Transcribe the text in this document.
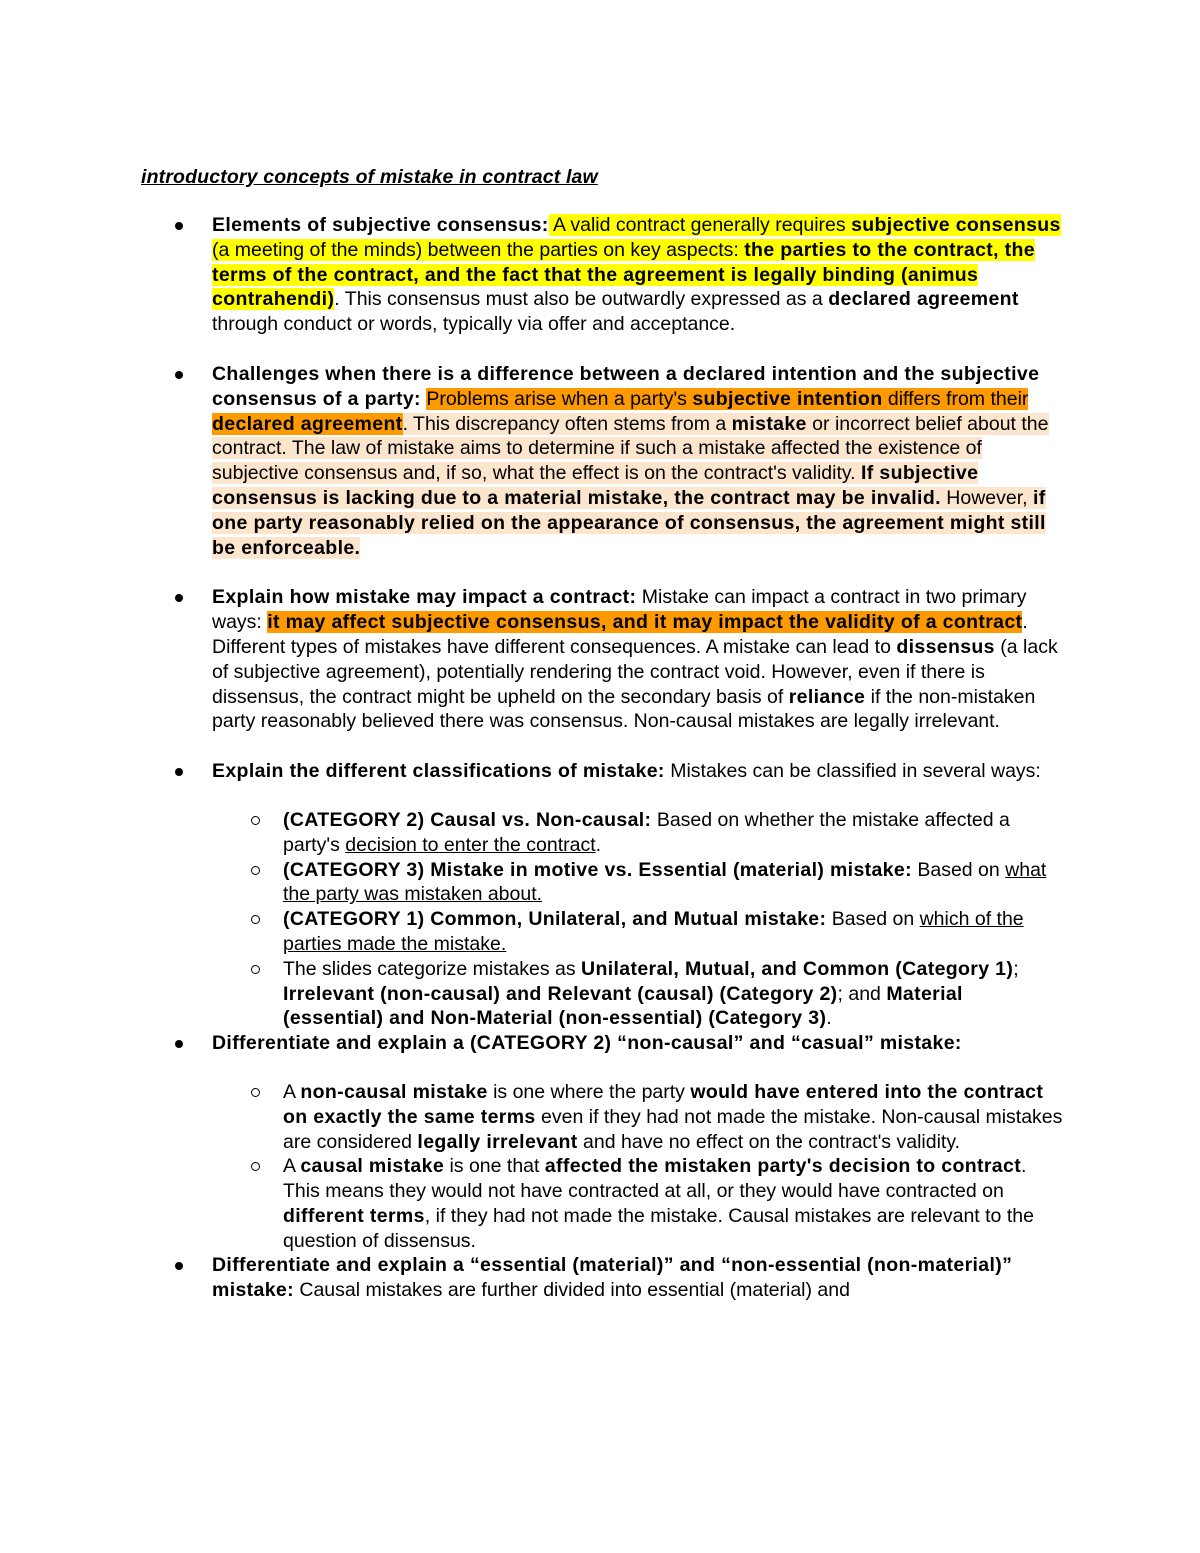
introductory concepts of mistake in contract law
Elements of subjective consensus: A valid contract generally requires subjective consensus (a meeting of the minds) between the parties on key aspects: the parties to the contract, the terms of the contract, and the fact that the agreement is legally binding (animus contrahendi). This consensus must also be outwardly expressed as a declared agreement through conduct or words, typically via offer and acceptance.
Challenges when there is a difference between a declared intention and the subjective consensus of a party: Problems arise when a party's subjective intention differs from their declared agreement. This discrepancy often stems from a mistake or incorrect belief about the contract. The law of mistake aims to determine if such a mistake affected the existence of subjective consensus and, if so, what the effect is on the contract's validity. If subjective consensus is lacking due to a material mistake, the contract may be invalid. However, if one party reasonably relied on the appearance of consensus, the agreement might still be enforceable.
Explain how mistake may impact a contract: Mistake can impact a contract in two primary ways: it may affect subjective consensus, and it may impact the validity of a contract. Different types of mistakes have different consequences. A mistake can lead to dissensus (a lack of subjective agreement), potentially rendering the contract void. However, even if there is dissensus, the contract might be upheld on the secondary basis of reliance if the non-mistaken party reasonably believed there was consensus. Non-causal mistakes are legally irrelevant.
Explain the different classifications of mistake: Mistakes can be classified in several ways:
(CATEGORY 2) Causal vs. Non-causal: Based on whether the mistake affected a party's decision to enter the contract.
(CATEGORY 3) Mistake in motive vs. Essential (material) mistake: Based on what the party was mistaken about.
(CATEGORY 1) Common, Unilateral, and Mutual mistake: Based on which of the parties made the mistake.
The slides categorize mistakes as Unilateral, Mutual, and Common (Category 1); Irrelevant (non-causal) and Relevant (causal) (Category 2); and Material (essential) and Non-Material (non-essential) (Category 3).
Differentiate and explain a (CATEGORY 2) “non-causal” and “casual” mistake:
A non-causal mistake is one where the party would have entered into the contract on exactly the same terms even if they had not made the mistake. Non-causal mistakes are considered legally irrelevant and have no effect on the contract's validity.
A causal mistake is one that affected the mistaken party's decision to contract. This means they would not have contracted at all, or they would have contracted on different terms, if they had not made the mistake. Causal mistakes are relevant to the question of dissensus.
Differentiate and explain a “essential (material)” and “non-essential (non-material)” mistake: Causal mistakes are further divided into essential (material) and
